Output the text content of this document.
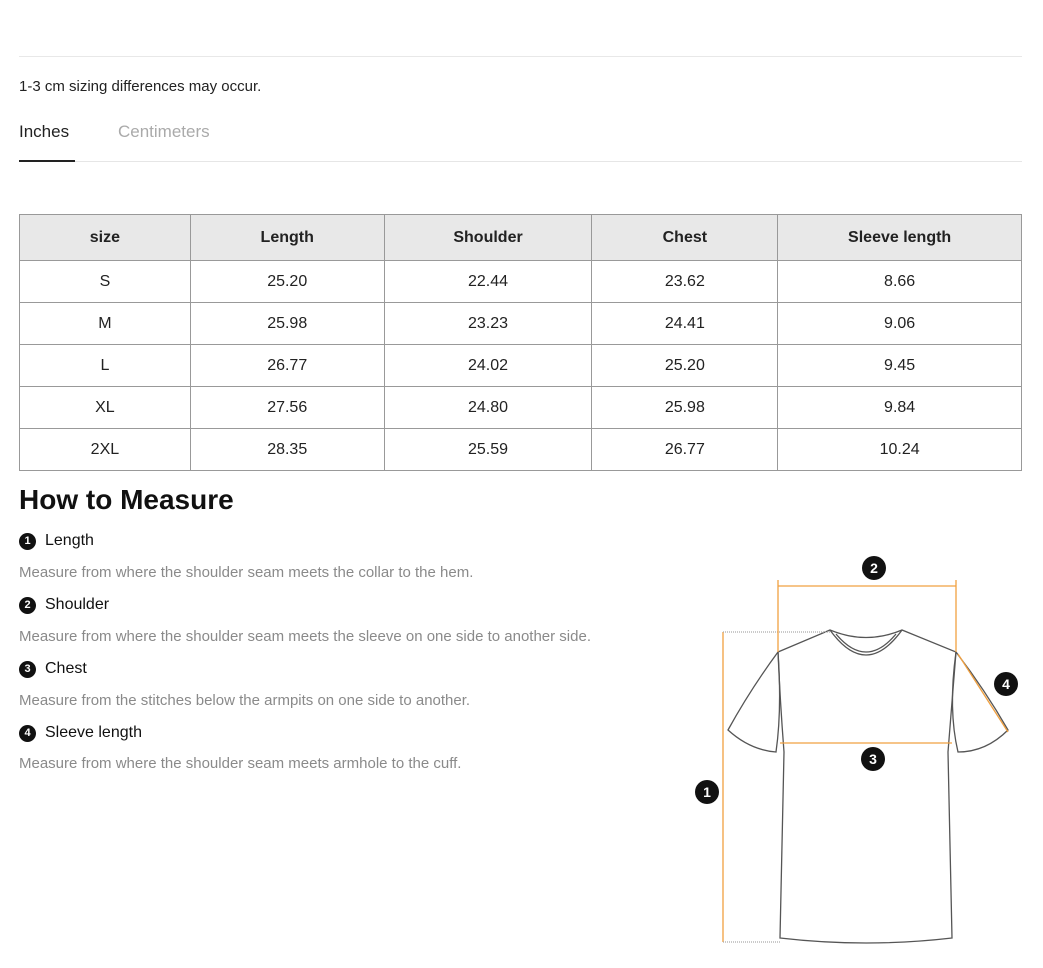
1-3 cm sizing differences may occur.
Inches	Centimeters
size	Length	Shoulder	Chest	Sleeve length
S	25.20	22.44	23.62	8.66
M	25.98	23.23	24.41	9.06
L	26.77	24.02	25.20	9.45
XL	27.56	24.80	25.98	9.84
2XL	28.35	25.59	26.77	10.24
How to Measure
1 Length
Measure from where the shoulder seam meets the collar to the hem.
2 Shoulder
Measure from where the shoulder seam meets the sleeve on one side to another side.
3 Chest
Measure from the stitches below the armpits on one side to another.
4 Sleeve length
Measure from where the shoulder seam meets armhole to the cuff.
1
2
3
4
